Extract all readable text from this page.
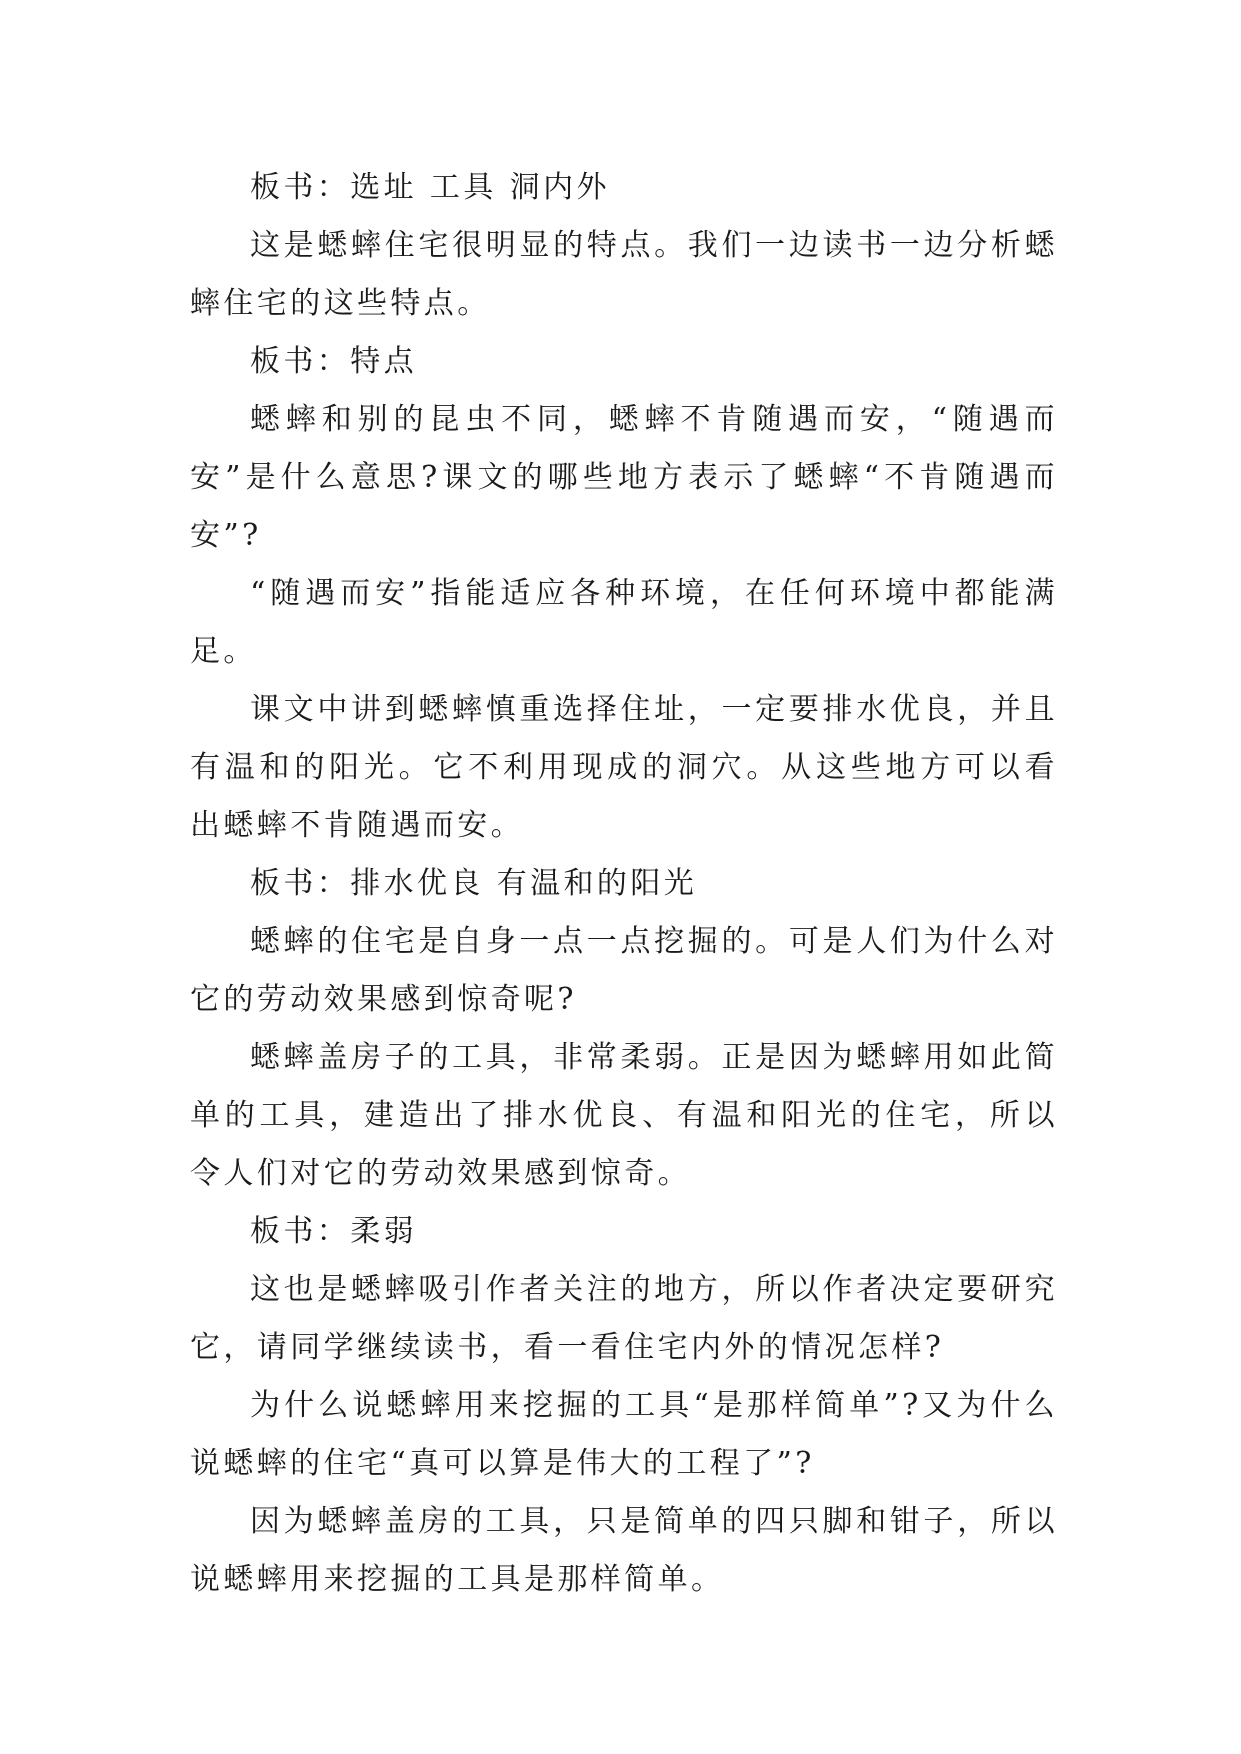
板书：选址 工具 洞内外

这是蟋蟀住宅很明显的特点。我们一边读书一边分析蟋蟀住宅的这些特点。

板书：特点

蟋蟀和别的昆虫不同，蟋蟀不肯随遇而安，“随遇而安”是什么意思?课文的哪些地方表示了蟋蟀“不肯随遇而安”?

“随遇而安”指能适应各种环境，在任何环境中都能满足。

课文中讲到蟋蟀慎重选择住址，一定要排水优良，并且有温和的阳光。它不利用现成的洞穴。从这些地方可以看出蟋蟀不肯随遇而安。

板书：排水优良 有温和的阳光

蟋蟀的住宅是自身一点一点挖掘的。可是人们为什么对它的劳动效果感到惊奇呢?

蟋蟀盖房子的工具，非常柔弱。正是因为蟋蟀用如此简单的工具，建造出了排水优良、有温和阳光的住宅，所以令人们对它的劳动效果感到惊奇。

板书：柔弱

这也是蟋蟀吸引作者关注的地方，所以作者决定要研究它，请同学继续读书，看一看住宅内外的情况怎样?

为什么说蟋蟀用来挖掘的工具“是那样简单”?又为什么说蟋蟀的住宅“真可以算是伟大的工程了”?

因为蟋蟀盖房的工具，只是简单的四只脚和钳子，所以说蟋蟀用来挖掘的工具是那样简单。
